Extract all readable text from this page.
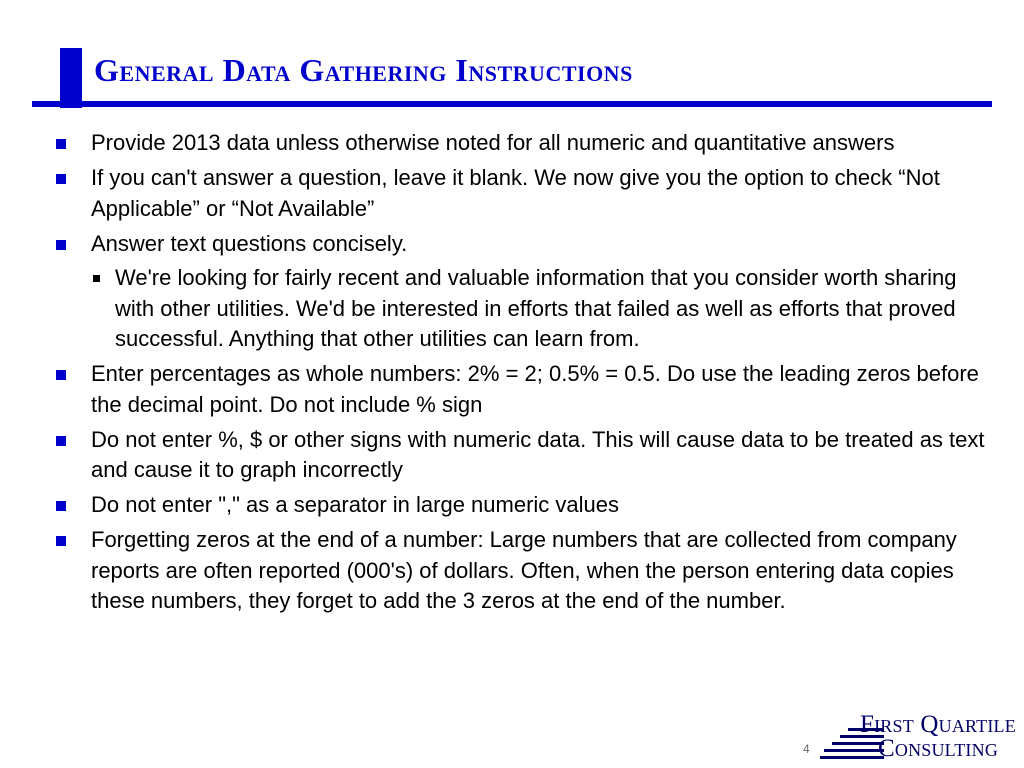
General Data Gathering Instructions
Provide 2013 data unless otherwise noted for all numeric and quantitative answers
If you can't answer a question, leave it blank. We now give you the option to check “Not Applicable” or “Not Available”
Answer text questions concisely.
We're looking for fairly recent and valuable information that you consider worth sharing with other utilities. We'd be interested in efforts that failed as well as efforts that proved successful. Anything that other utilities can learn from.
Enter percentages as whole numbers: 2% = 2; 0.5% = 0.5. Do use the leading zeros before the decimal point. Do not include % sign
Do not enter %, $ or other signs with numeric data. This will cause data to be treated as text and cause it to graph incorrectly
Do not enter "," as a separator in large numeric values
Forgetting zeros at the end of a number: Large numbers that are collected from company reports are often reported (000's) of dollars. Often, when the person entering data copies these numbers, they forget to add the 3 zeros at the end of the number.
4
First Quartile
Consulting
